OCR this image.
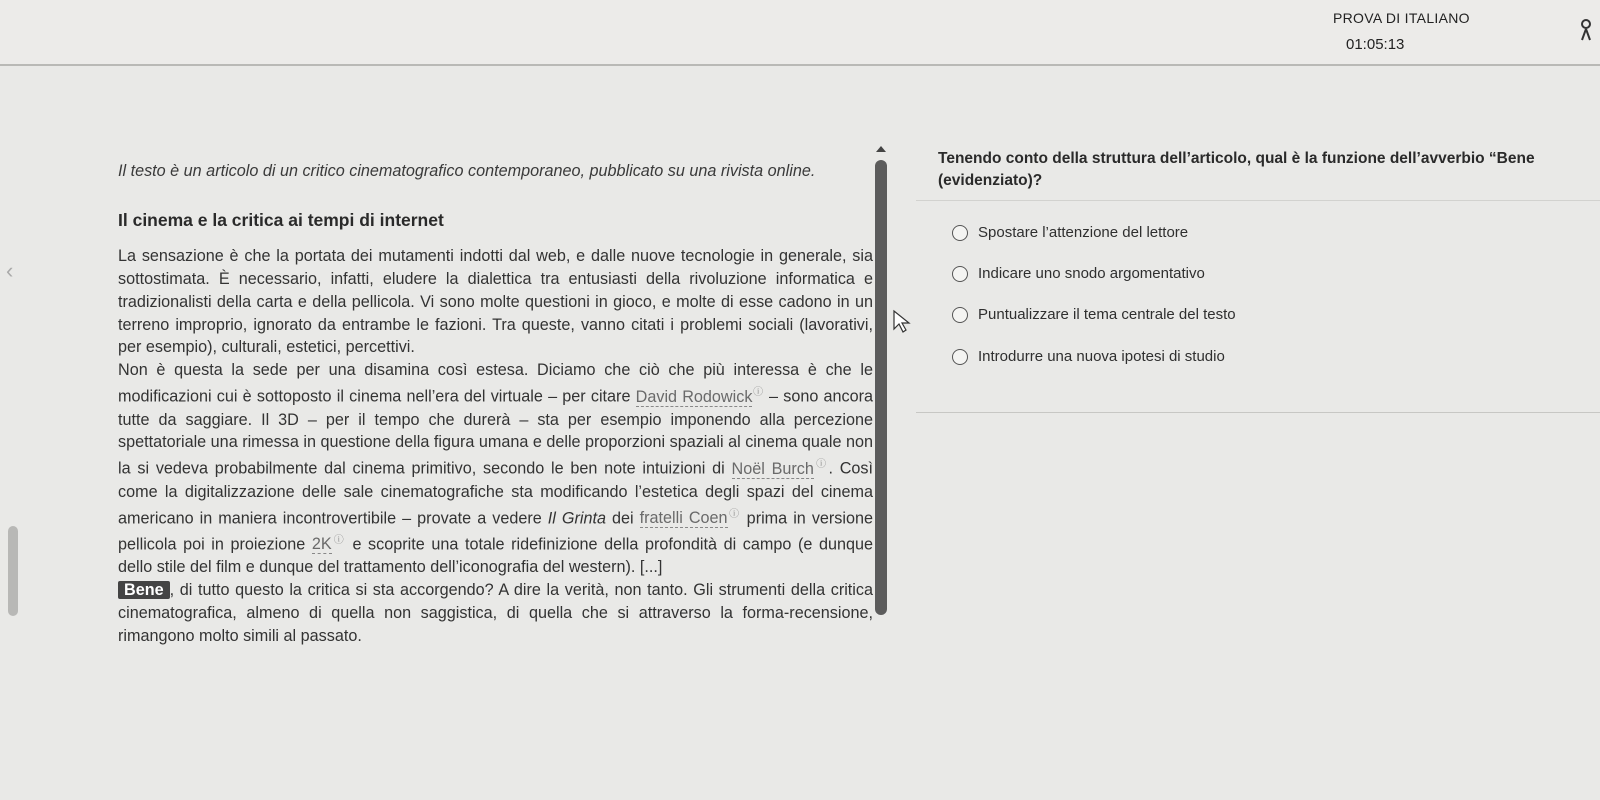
PROVA DI ITALIANO
01:05:13
‹

Il testo è un articolo di un critico cinematografico contemporaneo, pubblicato su una rivista online.

Il cinema e la critica ai tempi di internet

La sensazione è che la portata dei mutamenti indotti dal web, e dalle nuove tecnologie in generale, sia sottostimata. È necessario, infatti, eludere la dialettica tra entusiasti della rivoluzione informatica e tradizionalisti della carta e della pellicola. Vi sono molte questioni in gioco, e molte di esse cadono in un terreno improprio, ignorato da entrambe le fazioni. Tra queste, vanno citati i problemi sociali (lavorativi, per esempio), culturali, estetici, percettivi.

Non è questa la sede per una disamina così estesa. Diciamo che ciò che più interessa è che le modificazioni cui è sottoposto il cinema nell’era del virtuale – per citare David Rodowickⓘ – sono ancora tutte da saggiare. Il 3D – per il tempo che durerà – sta per esempio imponendo alla percezione spettatoriale una rimessa in questione della figura umana e delle proporzioni spaziali al cinema quale non la si vedeva probabilmente dal cinema primitivo, secondo le ben note intuizioni di Noël Burchⓘ. Così come la digitalizzazione delle sale cinematografiche sta modificando l’estetica degli spazi del cinema americano in maniera incontrovertibile – provate a vedere Il Grinta dei fratelli Coenⓘ prima in versione pellicola poi in proiezione 2Kⓘ e scoprite una totale ridefinizione della profondità di campo (e dunque dello stile del film e dunque del trattamento dell’iconografia del western). [...]

Bene , di tutto questo la critica si sta accorgendo? A dire la verità, non tanto. Gli strumenti della critica cinematografica, almeno di quella non saggistica, di quella che si attraverso la forma-recensione, rimangono molto simili al passato.

Tenendo conto della struttura dell’articolo, qual è la funzione dell’avverbio “Bene
(evidenziato)?
Spostare l’attenzione del lettore
Indicare uno snodo argomentativo
Puntualizzare il tema centrale del testo
Introdurre una nuova ipotesi di studio
